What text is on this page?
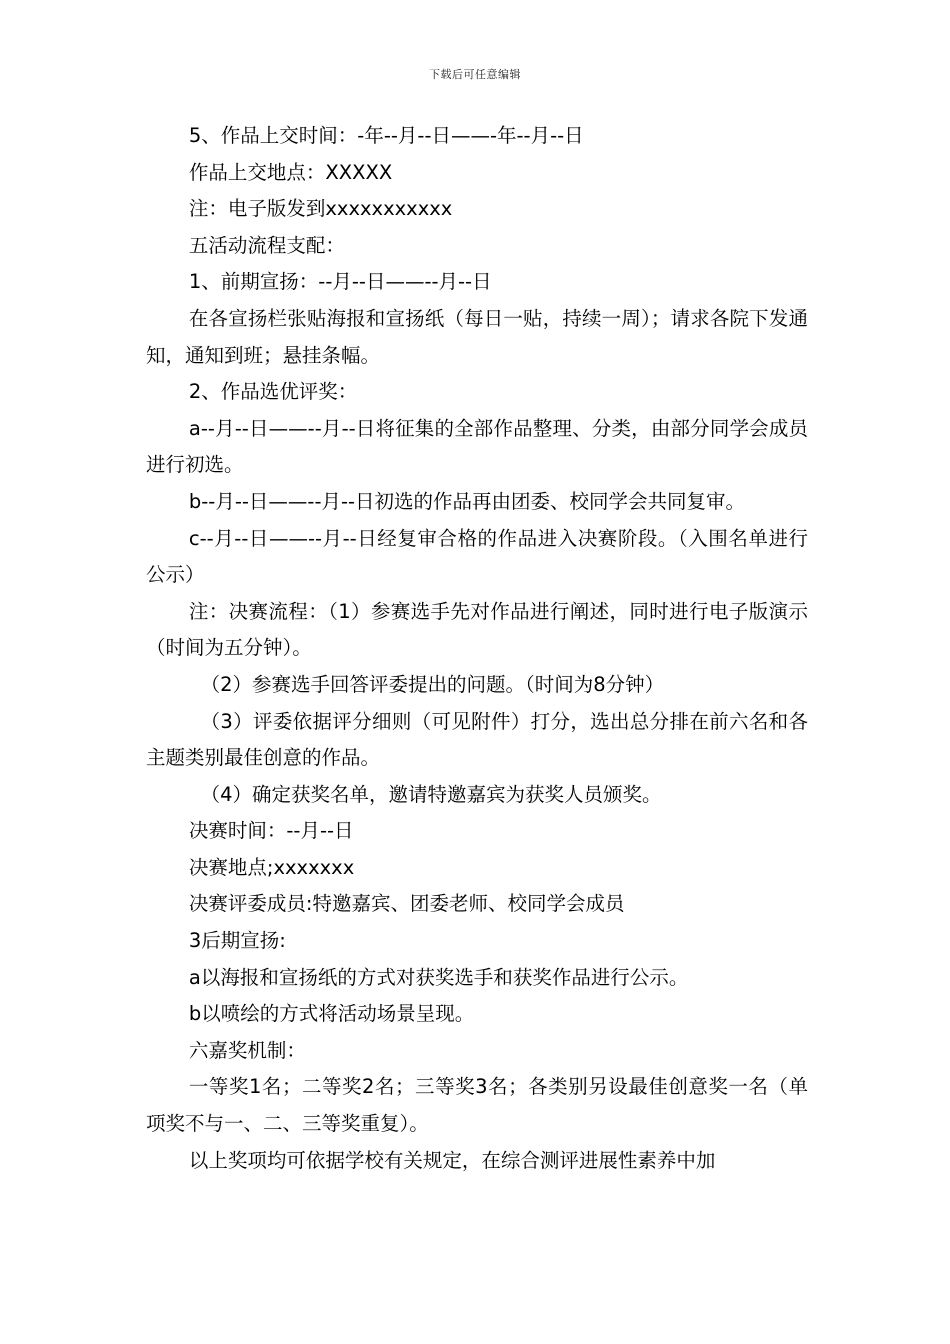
下载后可任意编辑

5、作品上交时间：-年--月--日——-年--月--日

作品上交地点：XXXXX

注：电子版发到xxxxxxxxxxx

五活动流程支配：

1、前期宣扬：--月--日——--月--日

在各宣扬栏张贴海报和宣扬纸（每日一贴，持续一周）；请求各院下发通知，通知到班；悬挂条幅。

2、作品选优评奖：

a--月--日——--月--日将征集的全部作品整理、分类，由部分同学会成员进行初选。

b--月--日——--月--日初选的作品再由团委、校同学会共同复审。

c--月--日——--月--日经复审合格的作品进入决赛阶段。（入围名单进行公示）

注：决赛流程：（1）参赛选手先对作品进行阐述，同时进行电子版演示（时间为五分钟）。

（2）参赛选手回答评委提出的问题。（时间为8分钟）

（3）评委依据评分细则（可见附件）打分，选出总分排在前六名和各主题类别最佳创意的作品。

（4）确定获奖名单，邀请特邀嘉宾为获奖人员颁奖。

决赛时间：--月--日

决赛地点;xxxxxxx

决赛评委成员:特邀嘉宾、团委老师、校同学会成员

3后期宣扬:

a以海报和宣扬纸的方式对获奖选手和获奖作品进行公示。

b以喷绘的方式将活动场景呈现。

六嘉奖机制：

一等奖1名；二等奖2名；三等奖3名；各类别另设最佳创意奖一名（单项奖不与一、二、三等奖重复）。

以上奖项均可依据学校有关规定，在综合测评进展性素养中加
